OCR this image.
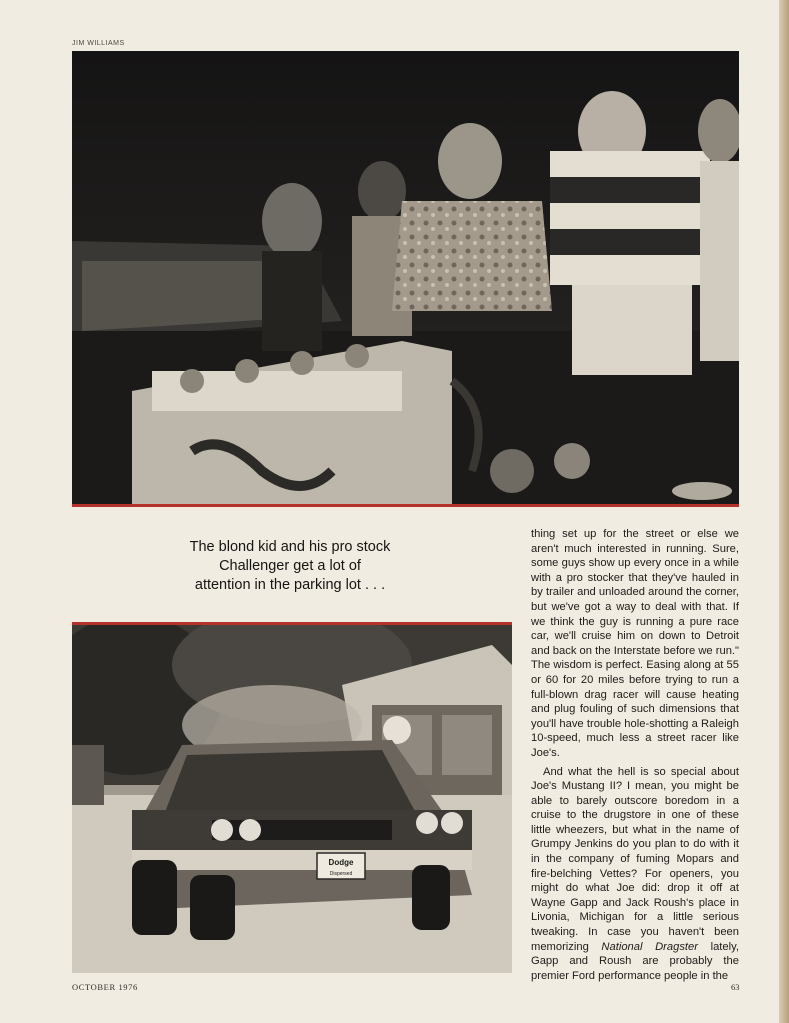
JIM WILLIAMS
The blond kid and his pro stock
Challenger get a lot of
attention in the parking lot . . .
Dodge
Dispersed

thing set up for the street or else we aren't much interested in running. Sure, some guys show up every once in a while with a pro stocker that they've hauled in by trailer and unloaded around the corner, but we've got a way to deal with that. If we think the guy is running a pure race car, we'll cruise him on down to Detroit and back on the Interstate before we run." The wisdom is perfect. Easing along at 55 or 60 for 20 miles before trying to run a full-blown drag racer will cause heating and plug fouling of such dimensions that you'll have trouble hole-shotting a Raleigh 10-speed, much less a street racer like Joe's.

And what the hell is so special about Joe's Mustang II? I mean, you might be able to barely outscore boredom in a cruise to the drugstore in one of these little wheezers, but what in the name of Grumpy Jenkins do you plan to do with it in the company of fuming Mopars and fire-belching Vettes? For openers, you might do what Joe did: drop it off at Wayne Gapp and Jack Roush's place in Livonia, Michigan for a little serious tweaking. In case you haven't been memorizing National Dragster lately, Gapp and Roush are probably the premier Ford performance people in the

OCTOBER 1976	63
